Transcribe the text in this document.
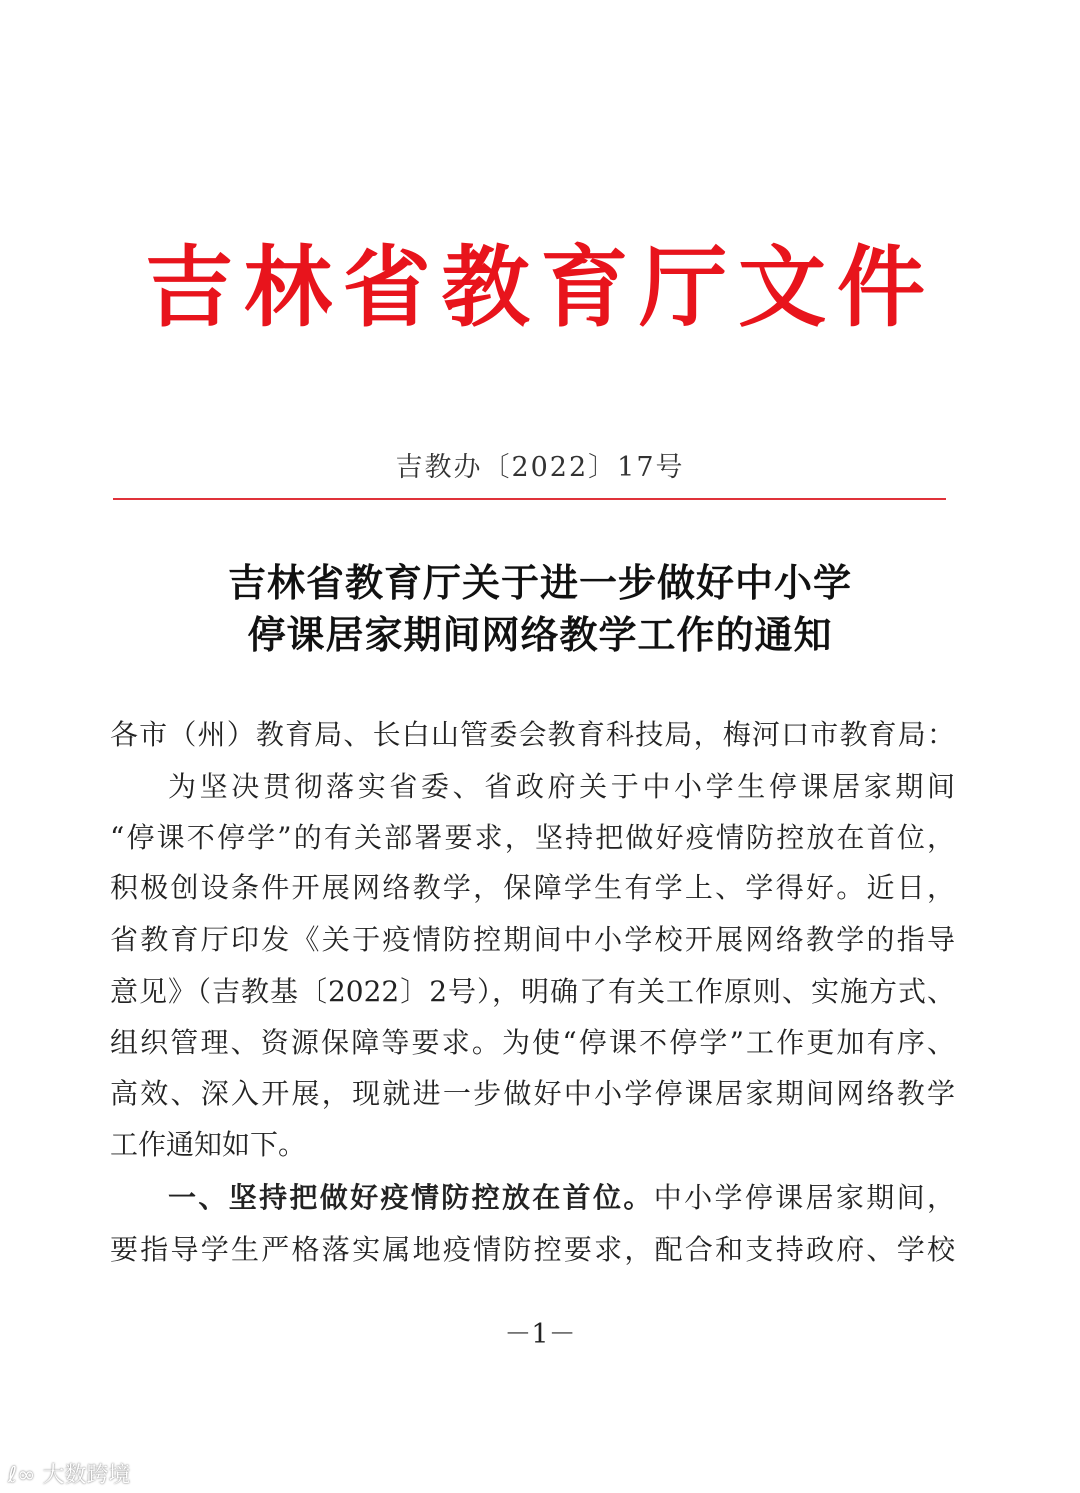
吉林省教育厅文件
吉教办〔2022〕17号
吉林省教育厅关于进一步做好中小学
停课居家期间网络教学工作的通知
各市（州）教育局、长白山管委会教育科技局，梅河口市教育局：
为坚决贯彻落实省委、省政府关于中小学生停课居家期间
“停课不停学”的有关部署要求，坚持把做好疫情防控放在首位，
积极创设条件开展网络教学，保障学生有学上、学得好。近日，
省教育厅印发《关于疫情防控期间中小学校开展网络教学的指导
意见》（吉教基〔2022〕2号），明确了有关工作原则、实施方式、
组织管理、资源保障等要求。为使“停课不停学”工作更加有序、
高效、深入开展，现就进一步做好中小学停课居家期间网络教学
工作通知如下。
一、坚持把做好疫情防控放在首位。中小学停课居家期间，
要指导学生严格落实属地疫情防控要求，配合和支持政府、学校
－1－
ℓ∞ 大数跨境
